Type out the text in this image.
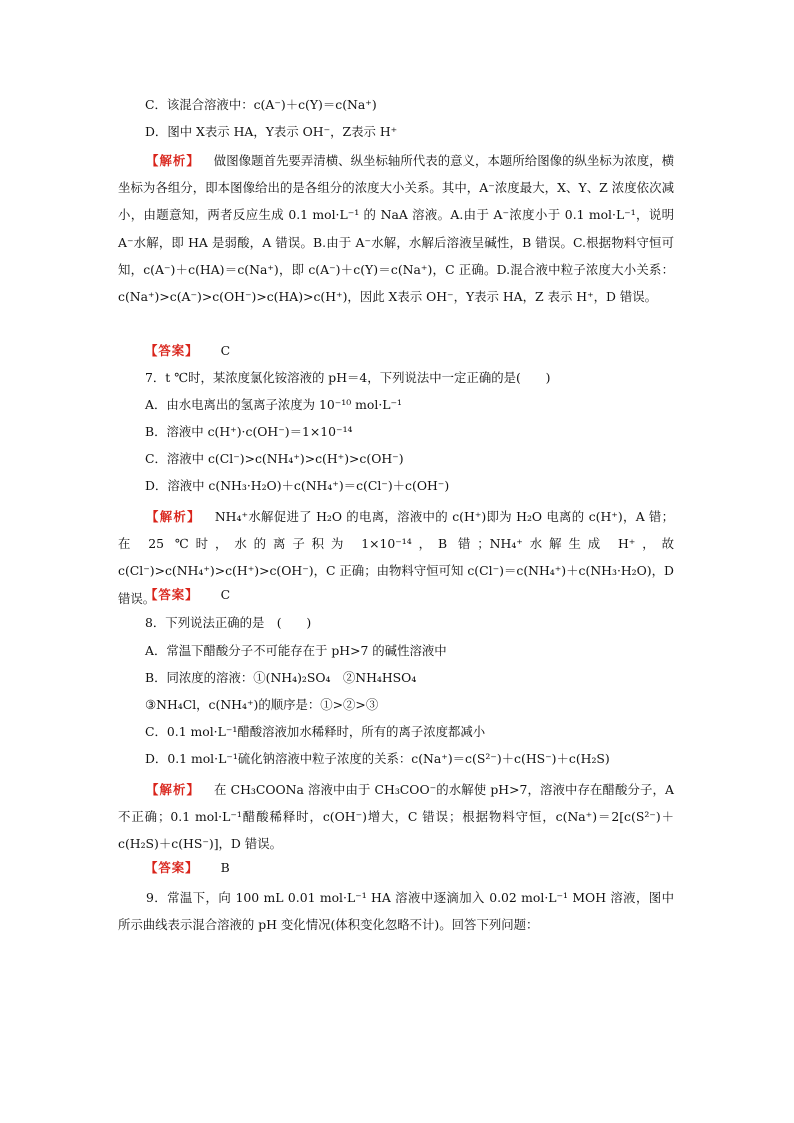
C．该混合溶液中：c(A⁻)＋c(Y)＝c(Na⁺)
D．图中 X表示 HA，Y表示 OH⁻，Z表示 H⁺
【解析】 做图像题首先要弄清横、纵坐标轴所代表的意义，本题所给图像的纵坐标为浓度，横坐标为各组分，即本图像给出的是各组分的浓度大小关系。其中，A⁻浓度最大，X、Y、Z 浓度依次减小，由题意知，两者反应生成 0.1 mol·L⁻¹ 的 NaA 溶液。A.由于 A⁻浓度小于 0.1 mol·L⁻¹，说明 A⁻水解，即 HA 是弱酸，A 错误。B.由于 A⁻水解，水解后溶液呈碱性，B 错误。C.根据物料守恒可知，c(A⁻)＋c(HA)＝c(Na⁺)，即 c(A⁻)＋c(Y)＝c(Na⁺)，C 正确。D.混合液中粒子浓度大小关系：c(Na⁺)>c(A⁻)>c(OH⁻)>c(HA)>c(H⁺)，因此 X表示 OH⁻，Y表示 HA，Z 表示 H⁺，D 错误。
【答案】 C
7．t ℃时，某浓度氯化铵溶液的 pH＝4，下列说法中一定正确的是(　　)
A．由水电离出的氢离子浓度为 10⁻¹⁰ mol·L⁻¹
B．溶液中 c(H⁺)·c(OH⁻)＝1×10⁻¹⁴
C．溶液中 c(Cl⁻)>c(NH₄⁺)>c(H⁺)>c(OH⁻)
D．溶液中 c(NH₃·H₂O)＋c(NH₄⁺)＝c(Cl⁻)＋c(OH⁻)
【解析】 NH₄⁺水解促进了 H₂O 的电离，溶液中的 c(H⁺)即为 H₂O 电离的 c(H⁺)，A 错；在 25 ℃时，水的离子积为 1×10⁻¹⁴，B 错；NH₄⁺水解生成 H⁺，故 c(Cl⁻)>c(NH₄⁺)>c(H⁺)>c(OH⁻)，C 正确；由物料守恒可知 c(Cl⁻)＝c(NH₄⁺)＋c(NH₃·H₂O)，D 错误。
【答案】 C
8．下列说法正确的是　(　　)
A．常温下醋酸分子不可能存在于 pH>7 的碱性溶液中
B．同浓度的溶液：①(NH₄)₂SO₄　②NH₄HSO₄
③NH₄Cl，c(NH₄⁺)的顺序是：①>②>③
C．0.1 mol·L⁻¹醋酸溶液加水稀释时，所有的离子浓度都减小
D．0.1 mol·L⁻¹硫化钠溶液中粒子浓度的关系：c(Na⁺)＝c(S²⁻)＋c(HS⁻)＋c(H₂S)
【解析】 在 CH₃COONa 溶液中由于 CH₃COO⁻的水解使 pH>7，溶液中存在醋酸分子，A 不正确；0.1 mol·L⁻¹醋酸稀释时，c(OH⁻)增大，C 错误；根据物料守恒，c(Na⁺)＝2[c(S²⁻)＋c(H₂S)＋c(HS⁻)]，D 错误。
【答案】 B
9．常温下，向 100 mL 0.01 mol·L⁻¹ HA 溶液中逐滴加入 0.02 mol·L⁻¹ MOH 溶液，图中所示曲线表示混合溶液的 pH 变化情况(体积变化忽略不计)。回答下列问题：
